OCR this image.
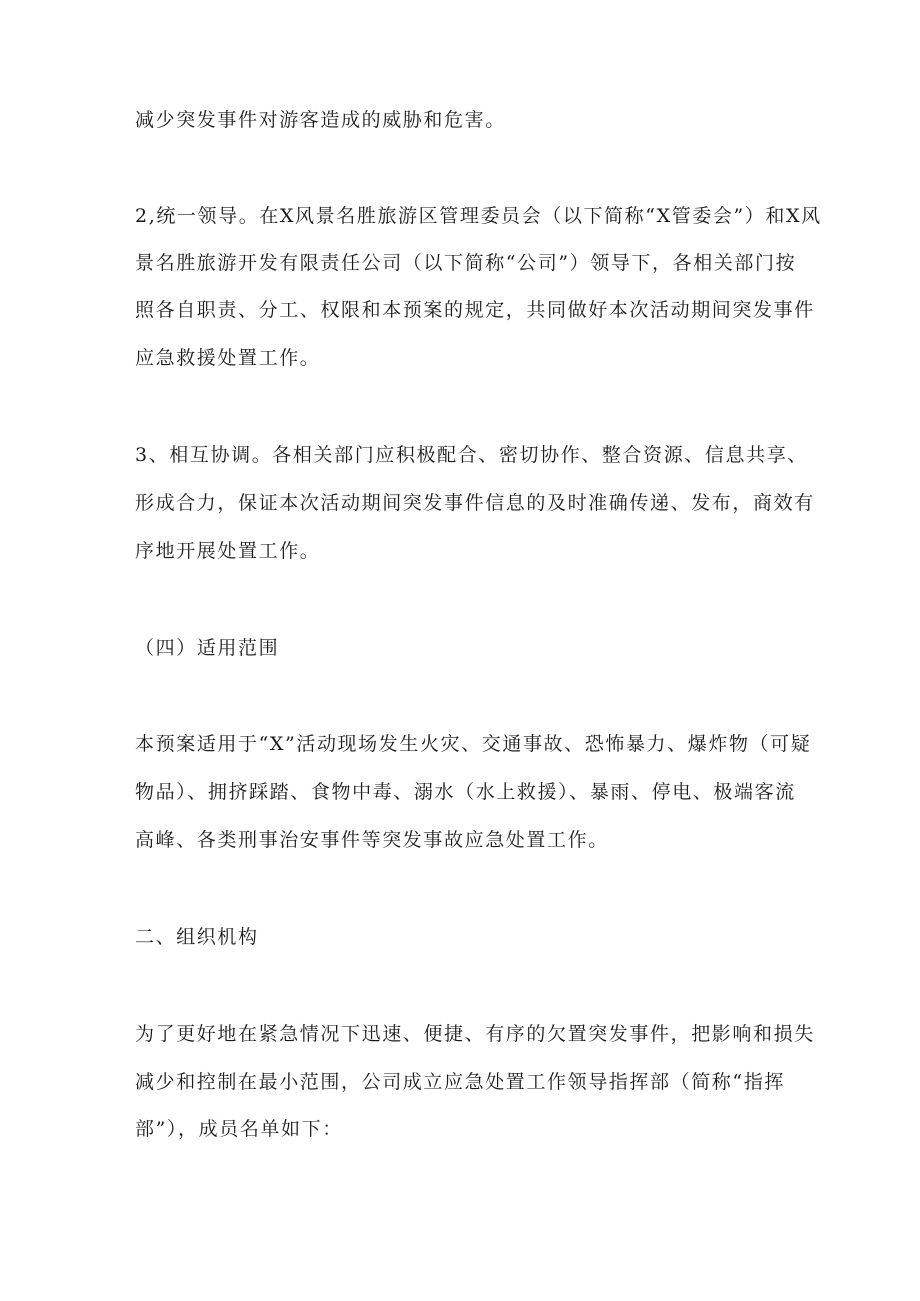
减少突发事件对游客造成的威胁和危害。
2,统一领导。在X风景名胜旅游区管理委员会（以下简称“X管委会”）和X风
景名胜旅游开发有限责任公司（以下简称“公司”）领导下，各相关部门按
照各自职责、分工、权限和本预案的规定，共同做好本次活动期间突发事件
应急救援处置工作。
3、相互协调。各相关部门应积极配合、密切协作、整合资源、信息共享、
形成合力，保证本次活动期间突发事件信息的及时准确传递、发布，商效有
序地开展处置工作。
（四）适用范围
本预案适用于“X”活动现场发生火灾、交通事故、恐怖暴力、爆炸物（可疑
物品）、拥挤踩踏、食物中毒、溺水（水上救援）、暴雨、停电、极端客流
高峰、各类刑事治安事件等突发事故应急处置工作。
二、组织机构
为了更好地在紧急情况下迅速、便捷、有序的欠置突发事件，把影响和损失
减少和控制在最小范围，公司成立应急处置工作领导指挥部（简称“指挥
部”），成员名单如下：
